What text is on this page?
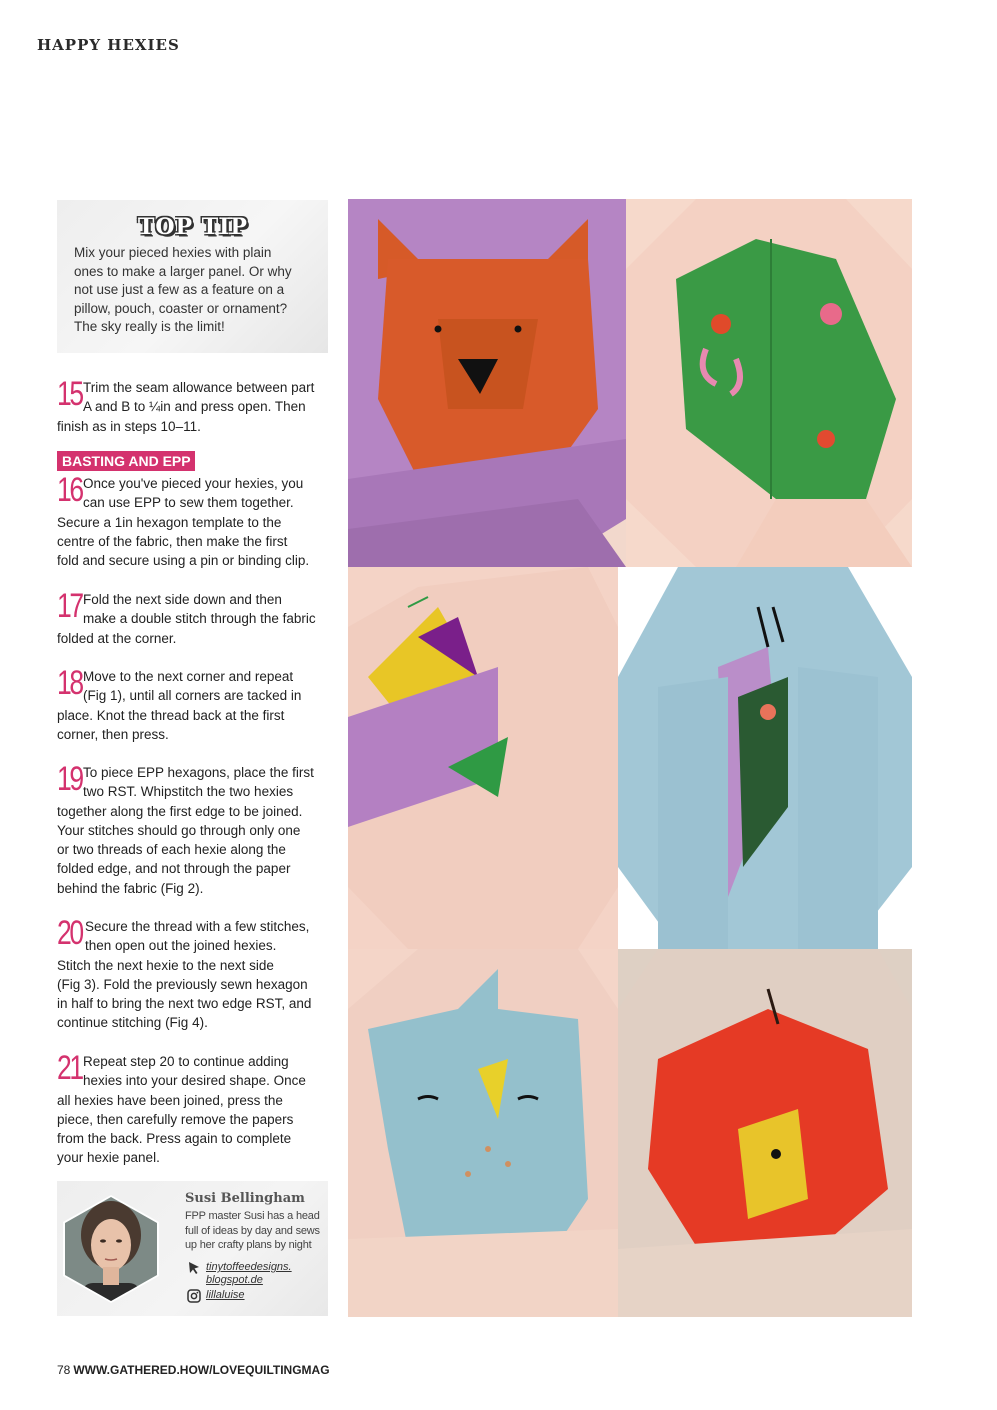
HAPPY HEXIES
TOP TIP
Mix your pieced hexies with plain
ones to make a larger panel. Or why
not use just a few as a feature on a
pillow, pouch, coaster or ornament?
The sky really is the limit!
15 Trim the seam allowance between part
A and B to ¼in and press open. Then
finish as in steps 10–11.
BASTING AND EPP
16 Once you've pieced your hexies, you
can use EPP to sew them together.
Secure a 1in hexagon template to the
centre of the fabric, then make the first
fold and secure using a pin or binding clip.
17 Fold the next side down and then
make a double stitch through the fabric
folded at the corner.
18 Move to the next corner and repeat
(Fig 1), until all corners are tacked in
place. Knot the thread back at the first
corner, then press.
19 To piece EPP hexagons, place the first
two RST. Whipstitch the two hexies
together along the first edge to be joined.
Your stitches should go through only one
or two threads of each hexie along the
folded edge, and not through the paper
behind the fabric (Fig 2).
20 Secure the thread with a few stitches,
then open out the joined hexies.
Stitch the next hexie to the next side
(Fig 3). Fold the previously sewn hexagon
in half to bring the next two edge RST, and
continue stitching (Fig 4).
21 Repeat step 20 to continue adding
hexies into your desired shape. Once
all hexies have been joined, press the
piece, then carefully remove the papers
from the back. Press again to complete
your hexie panel.
Susi Bellingham
FPP master Susi has a head
full of ideas by day and sews
up her crafty plans by night
tinytoffeedesigns.
blogspot.de
lillaluise
78 WWW.GATHERED.HOW/LOVEQUILTINGMAG
